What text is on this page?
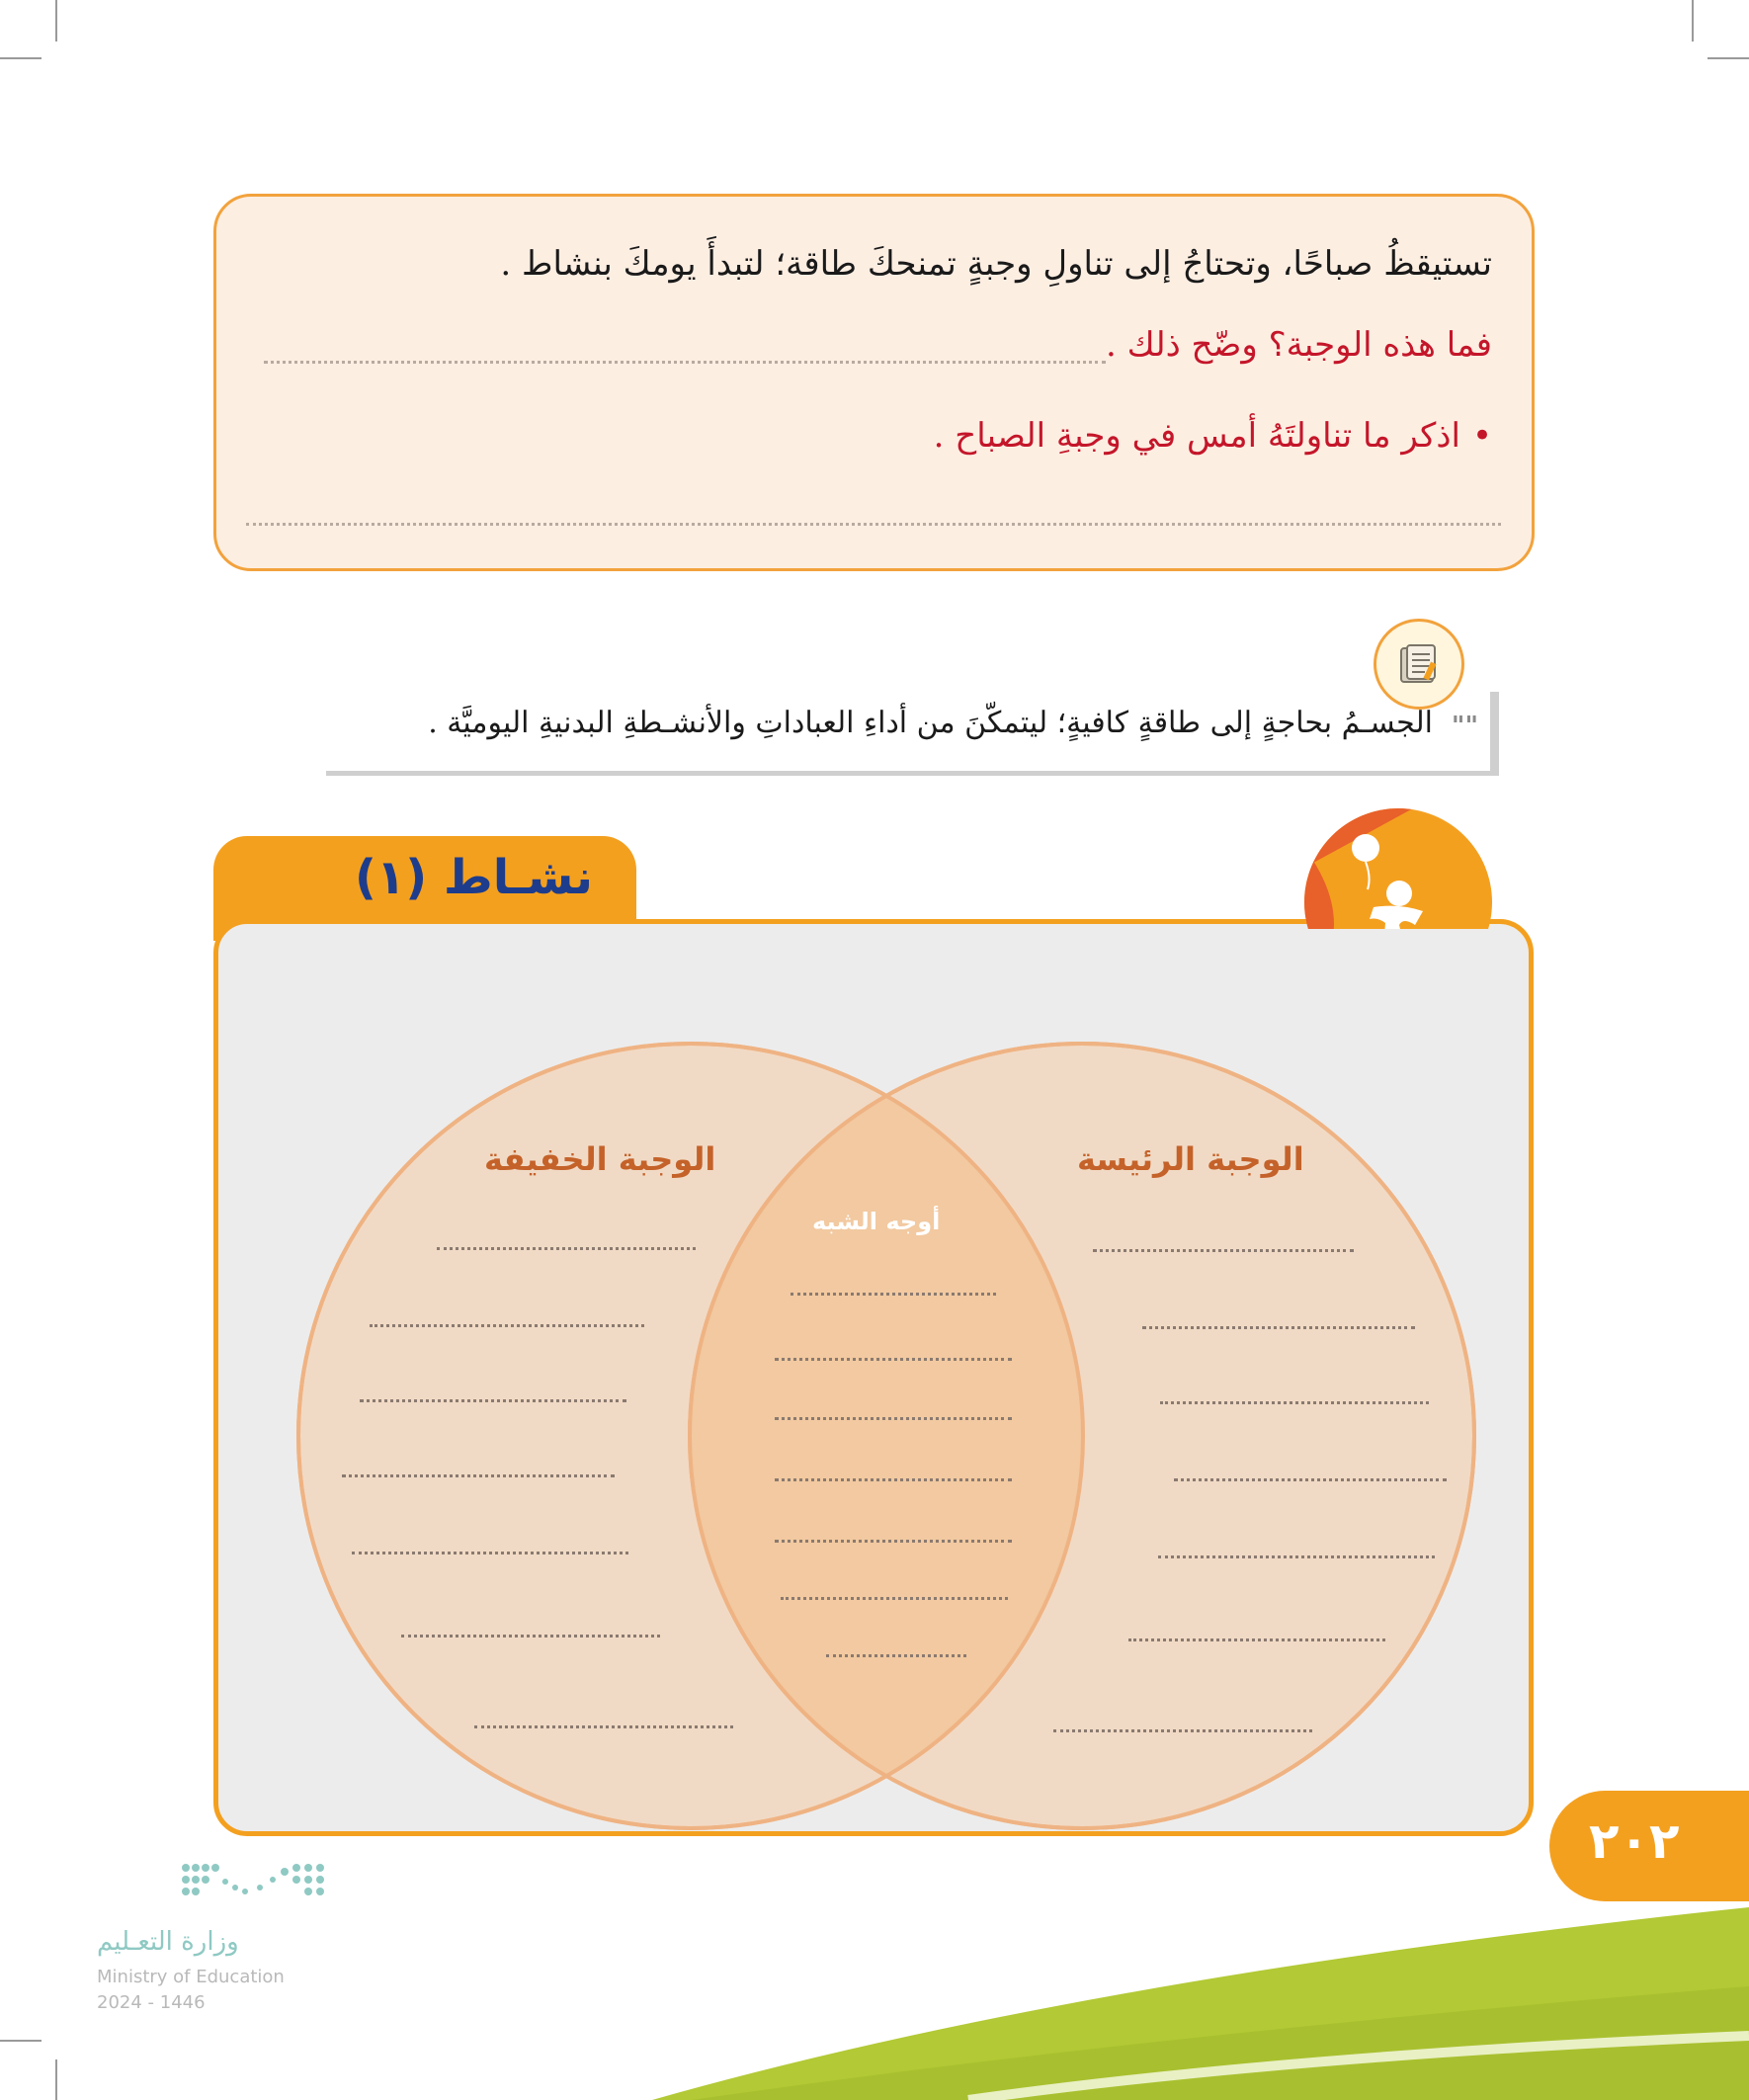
تستيقظُ صباحًا، وتحتاجُ إلى تناولِ وجبةٍ تمنحكَ طاقة؛ لتبدأَ يومكَ بنشاط .
فما هذه الوجبة؟ وضّح ذلك .
•اذكر ما تناولتَهُ أمس في وجبةِ الصباح .
""
الجسـمُ بحاجةٍ إلى طاقةٍ كافيةٍ؛ ليتمكّنَ من أداءِ العباداتِ والأنشـطةِ البدنيةِ اليوميَّة .
نشـاط (١)
الوجبة الرئيسة
الوجبة الخفيفة
أوجه الشبه
٢٠٢
وزارة التعـليم
Ministry of Education
2024 - 1446
